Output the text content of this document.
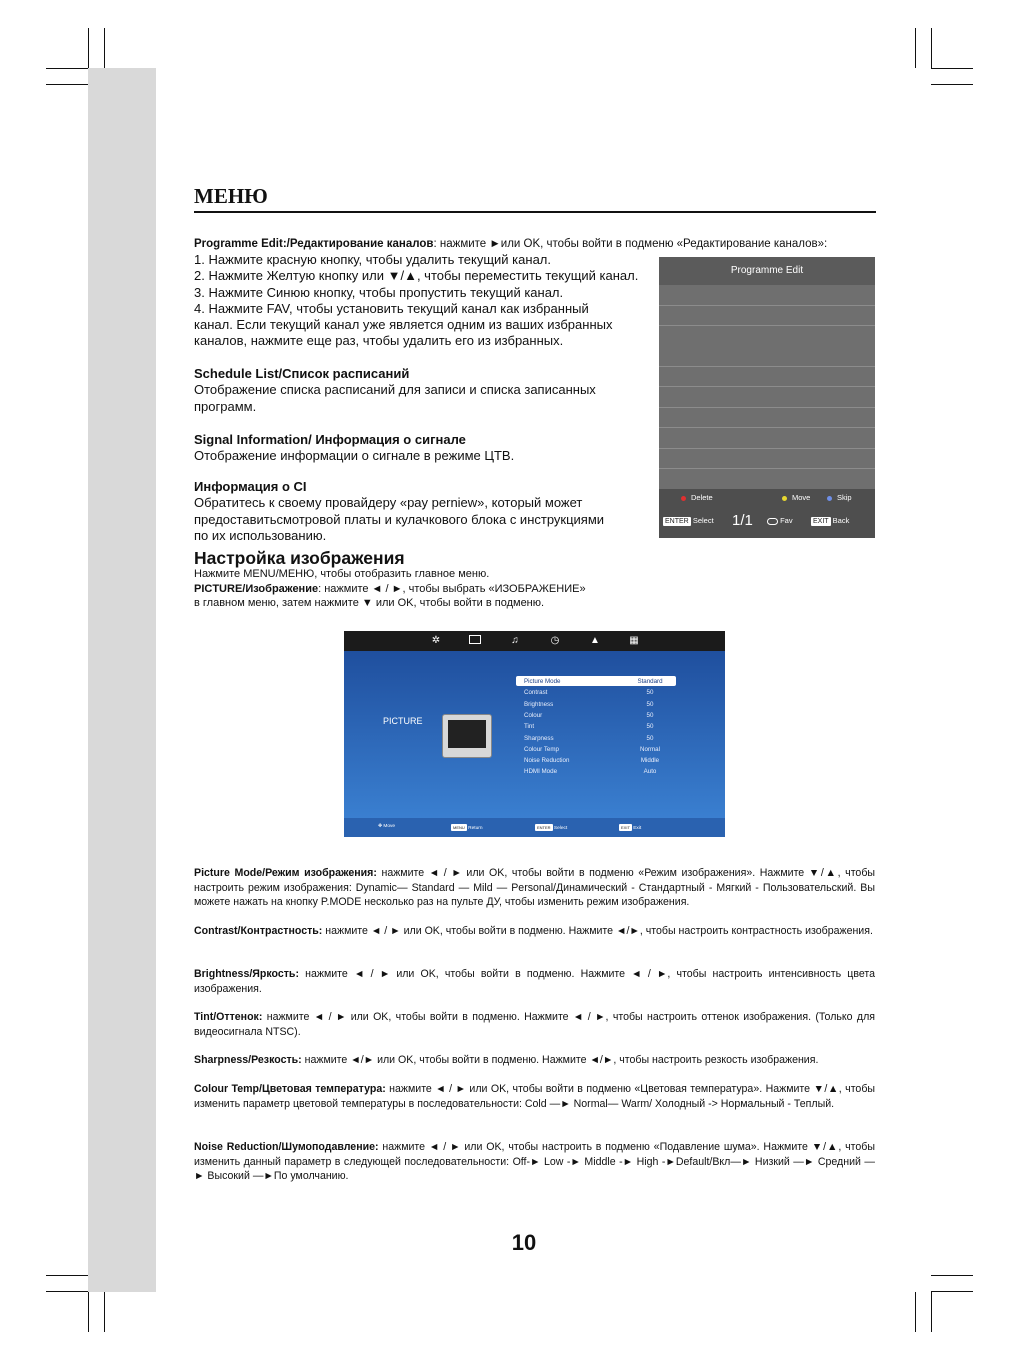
МЕНЮ
Programme Edit:/Редактирование каналов: нажмите ►или OK, чтобы войти в подменю «Редактирование каналов»:
1. Нажмите красную кнопку, чтобы удалить текущий канал.
2. Нажмите Желтую кнопку или ▼/▲, чтобы переместить текущий канал.
3. Нажмите Синюю кнопку, чтобы пропустить текущий канал.
4. Нажмите FAV, чтобы установить текущий канал как избранный
канал. Если текущий канал уже является одним из ваших избранных
каналов, нажмите еще раз, чтобы удалить его из избранных.
Schedule List/Список расписаний
Отображение списка расписаний для записи и списка записанных
программ.
Signal Information/ Информация о сигнале
Отображение информации о сигнале в режиме ЦТВ.
Информация о CI
Обратитесь к своему провайдеру «pay perniew», который может
предоставитьсмотровой платы и кулачкового блока с инструкциями
по их использованию.
Programme Edit
Delete	Move	Skip
ENTER Select 1/1	Fav	EXIT Back
Настройка изображения
Нажмите MENU/МЕНЮ, чтобы отобразить главное меню.
PICTURE/Изображение: нажмите ◄ / ►, чтобы выбрать «ИЗОБРАЖЕНИЕ»
в главном меню, затем нажмите ▼ или OK, чтобы войти в подменю.
✲	♫	◷	▲	▦
PICTURE
Picture Mode	Standard
Contrast	50
Brightness	50
Colour	50
Tint	50
Sharpness	50
Colour Temp	Normal
Noise Reduction	Middle
HDMI Mode	Auto
✥ Move	MENU Return	ENTER Select	EXIT Exit
Picture Mode/Режим изображения: нажмите ◄ / ► или OK, чтобы войти в подменю «Режим изображения». Нажмите ▼/▲, чтобы настроить режим изображения: Dynamic— Standard — Mild — Personal/Динамический - Стандартный - Мягкий - Пользовательский. Вы можете нажать на кнопку P.MODE несколько раз на пульте ДУ, чтобы изменить режим изображения.
Contrast/Контрастность: нажмите ◄ / ► или OK, чтобы войти в подменю. Нажмите ◄/►, чтобы настроить контрастность изображения.
Brightness/Яркость: нажмите ◄ / ► или OK, чтобы войти в подменю. Нажмите ◄ / ►, чтобы настроить интенсивность цвета изображения.
Tint/Оттенок: нажмите ◄ / ► или OK, чтобы войти в подменю. Нажмите ◄ / ►, чтобы настроить оттенок изображения. (Только для видеосигнала NTSC).
Sharpness/Резкость: нажмите ◄/► или OK, чтобы войти в подменю. Нажмите ◄/►, чтобы настроить резкость изображения.
Colour Temp/Цветовая температура: нажмите ◄ / ► или OK, чтобы войти в подменю «Цветовая температура». Нажмите ▼/▲, чтобы изменить параметр цветовой температуры в последовательности: Cold —► Normal— Warm/ Холодный -> Нормальный - Теплый.
Noise Reduction/Шумоподавление: нажмите ◄ / ► или OK, чтобы настроить в подменю «Подавление шума». Нажмите ▼/▲, чтобы изменить данный параметр в следующей последовательности: Off-► Low -► Middle -► High -►Default/Вкл—► Низкий —► Средний —► Высокий —►По умолчанию.
10
